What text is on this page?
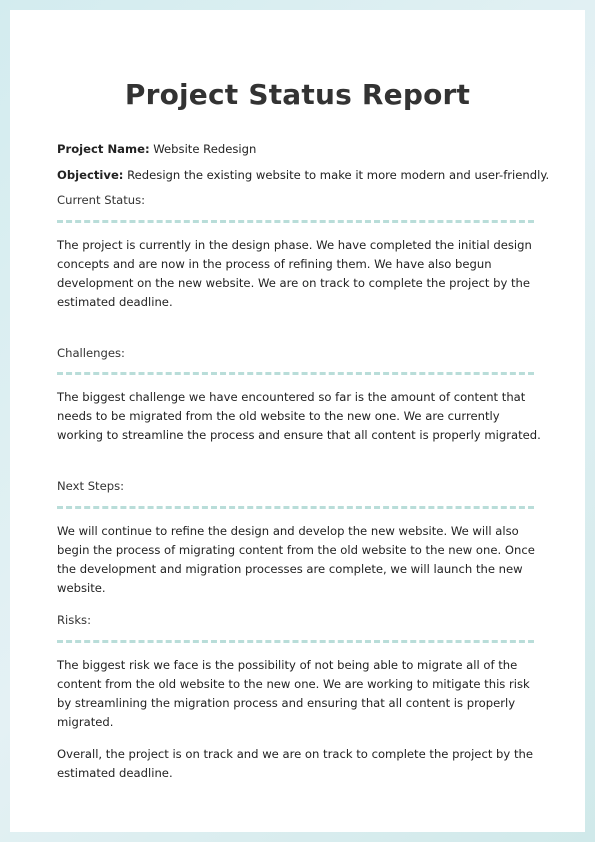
Project Status Report
Project Name: Website Redesign
Objective: Redesign the existing website to make it more modern and user-friendly.
Current Status:
The project is currently in the design phase. We have completed the initial design concepts and are now in the process of refining them. We have also begun development on the new website. We are on track to complete the project by the estimated deadline.
Challenges:
The biggest challenge we have encountered so far is the amount of content that needs to be migrated from the old website to the new one. We are currently working to streamline the process and ensure that all content is properly migrated.
Next Steps:
We will continue to refine the design and develop the new website. We will also begin the process of migrating content from the old website to the new one. Once the development and migration processes are complete, we will launch the new website.
Risks:
The biggest risk we face is the possibility of not being able to migrate all of the content from the old website to the new one. We are working to mitigate this risk by streamlining the migration process and ensuring that all content is properly migrated.
Overall, the project is on track and we are on track to complete the project by the estimated deadline.
